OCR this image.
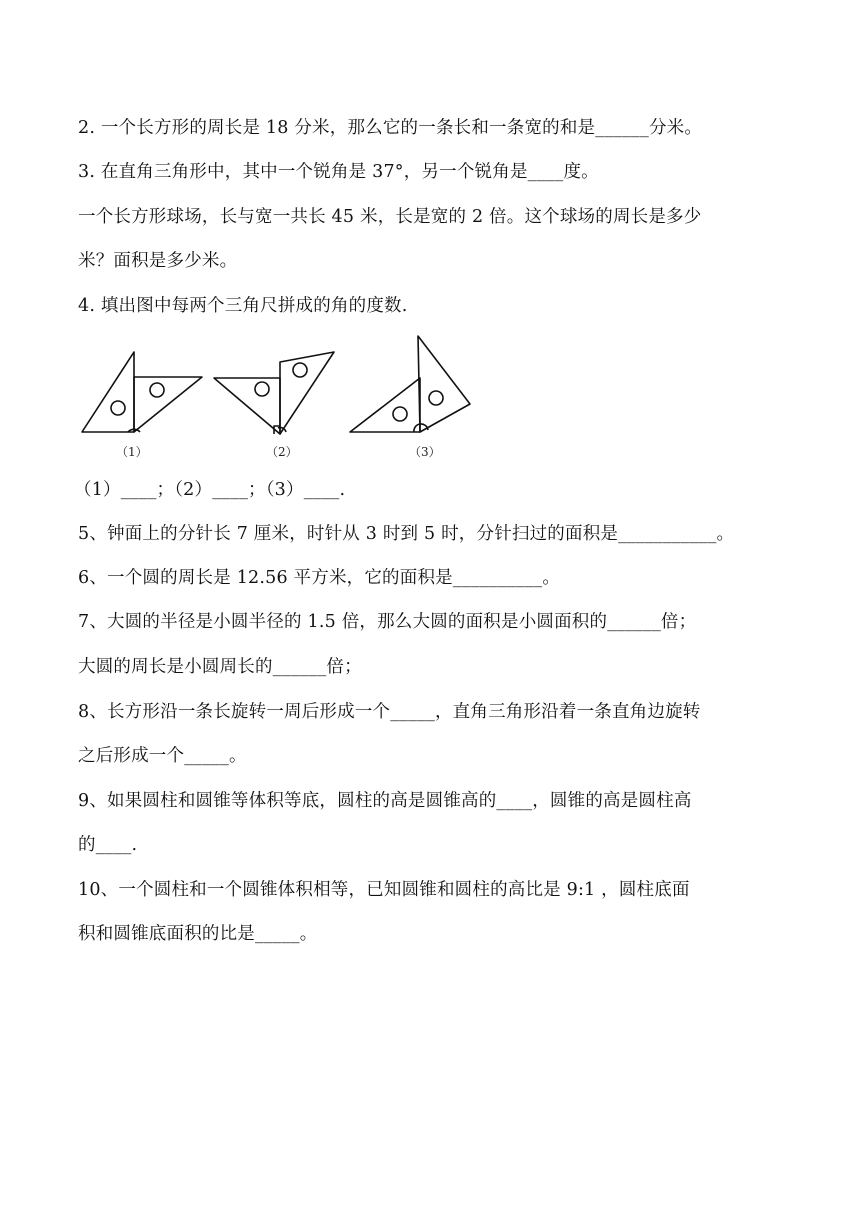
2. 一个长方形的周长是 18 分米，那么它的一条长和一条宽的和是______分米。
3. 在直角三角形中，其中一个锐角是 37°，另一个锐角是____度。
一个长方形球场，长与宽一共长 45 米，长是宽的 2 倍。这个球场的周长是多少
米？面积是多少米。
4. 填出图中每两个三角尺拼成的角的度数.
（1）	（2）	（3）
（1）____；（2）____；（3）____.
5、钟面上的分针长 7 厘米，时针从 3 时到 5 时，分针扫过的面积是___________。
6、一个圆的周长是 12.56 平方米，它的面积是__________。
7、大圆的半径是小圆半径的 1.5 倍，那么大圆的面积是小圆面积的______倍；
大圆的周长是小圆周长的______倍；
8、长方形沿一条长旋转一周后形成一个_____，直角三角形沿着一条直角边旋转
之后形成一个_____。
9、如果圆柱和圆锥等体积等底，圆柱的高是圆锥高的____，圆锥的高是圆柱高
的____.
10、一个圆柱和一个圆锥体积相等，已知圆锥和圆柱的高比是 9:1 ，圆柱底面
积和圆锥底面积的比是_____。
